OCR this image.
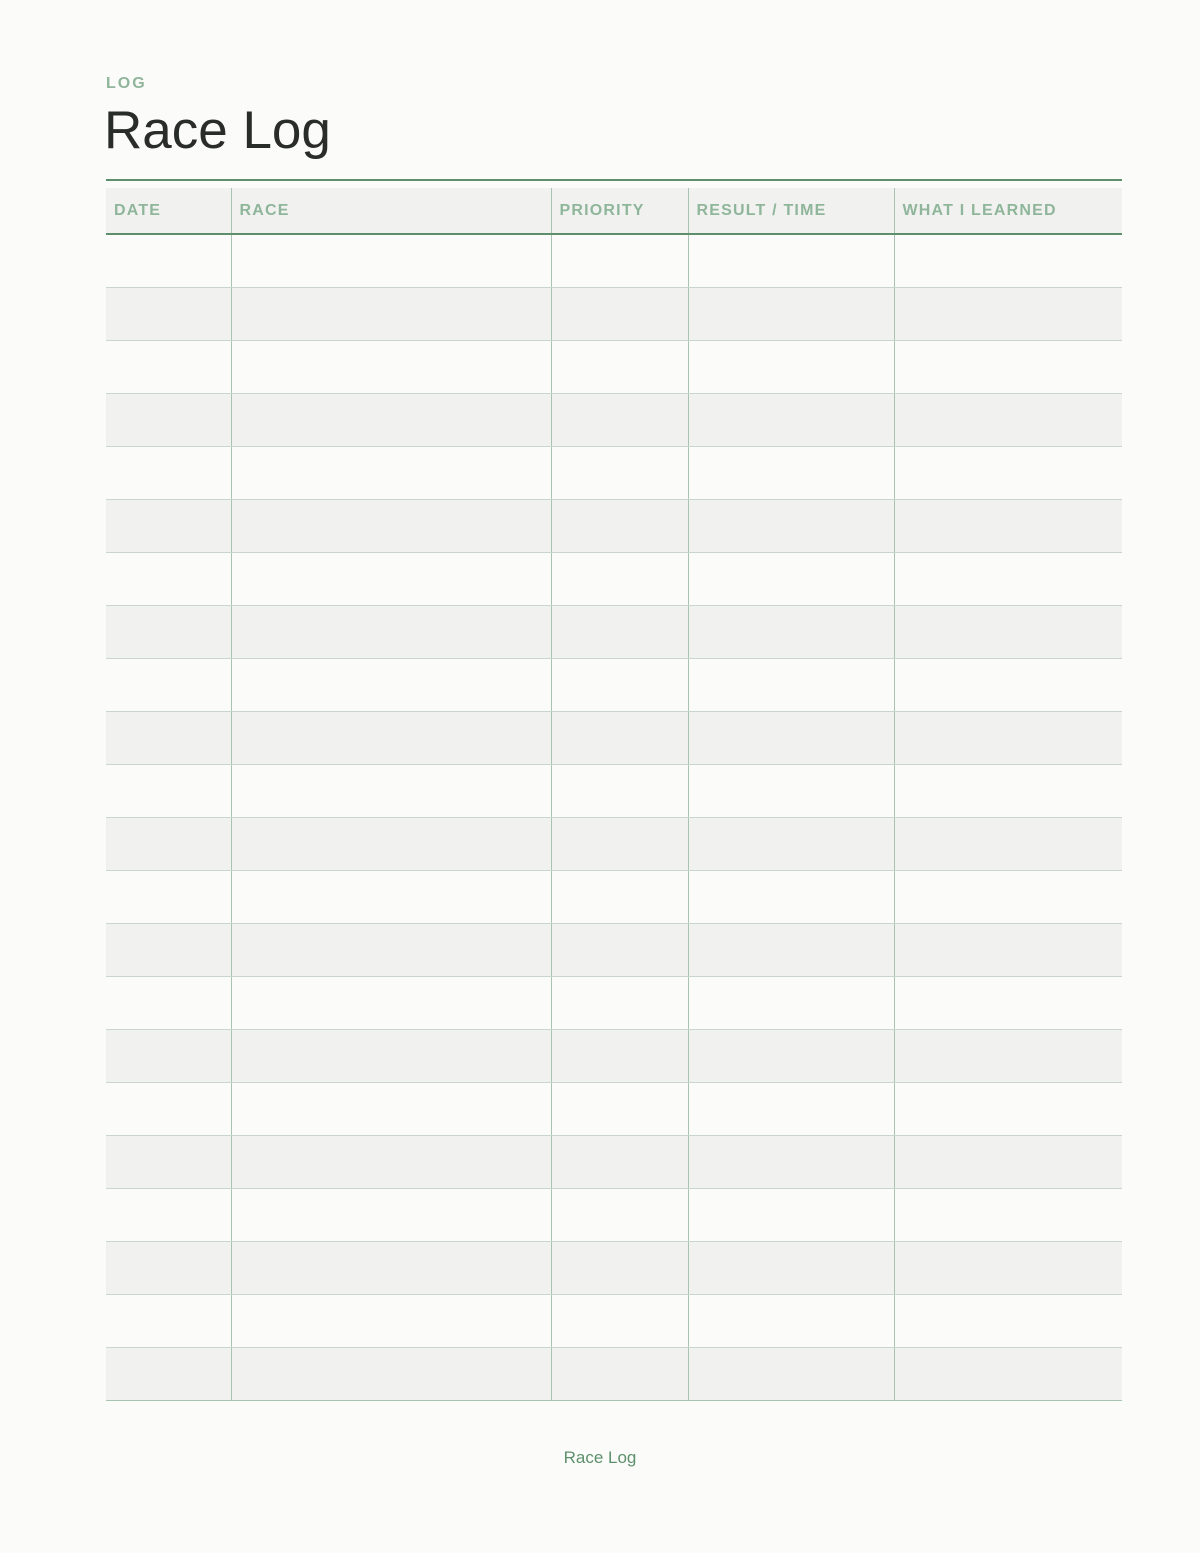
LOG
Race Log
DATE	RACE	PRIORITY	RESULT / TIME	WHAT I LEARNED

Race Log
